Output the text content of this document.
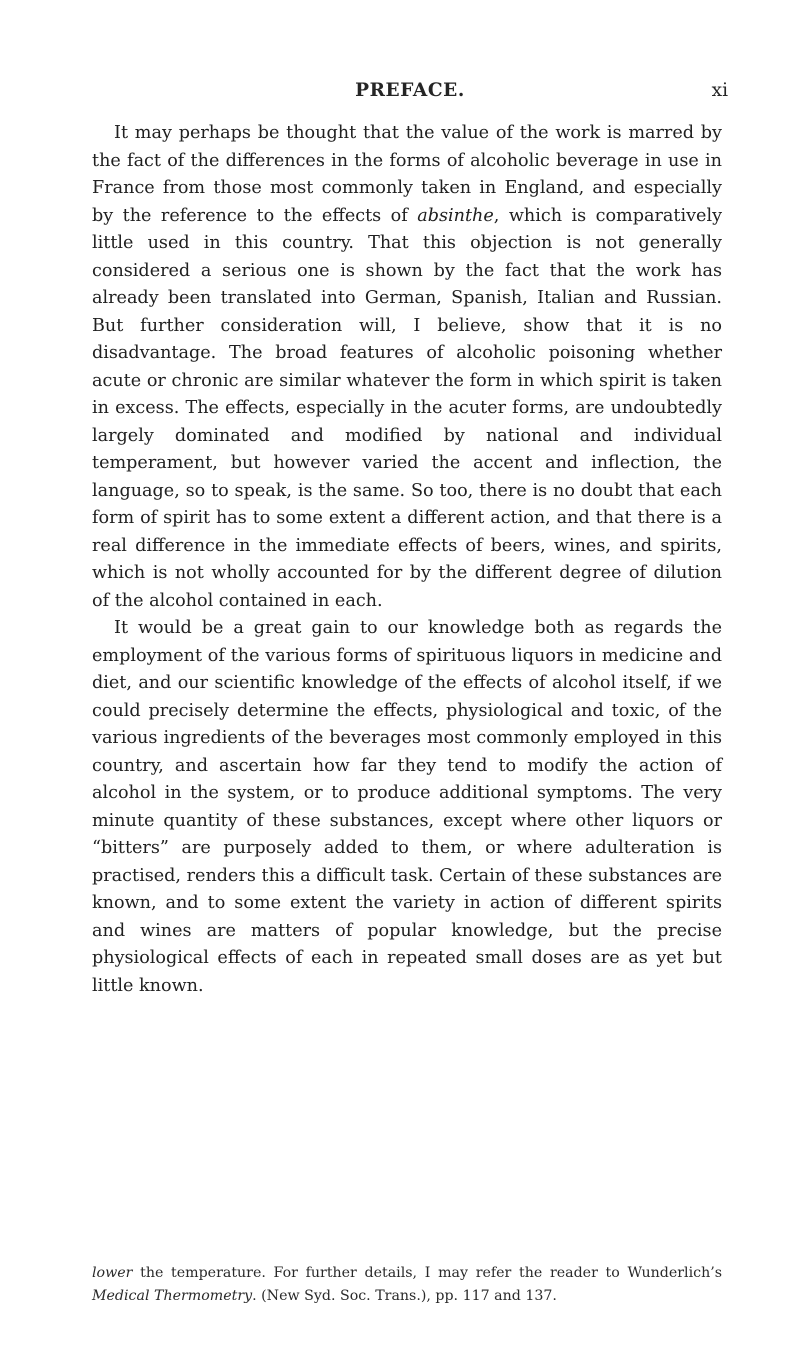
PREFACE.	xi

It may perhaps be thought that the value of the work is marred by the fact of the differences in the forms of alcoholic beverage in use in France from those most commonly taken in England, and especially by the reference to the effects of absinthe, which is comparatively little used in this country. That this objection is not generally considered a serious one is shown by the fact that the work has already been translated into German, Spanish, Italian and Russian. But further consideration will, I believe, show that it is no disadvantage. The broad features of alcoholic poisoning whether acute or chronic are similar whatever the form in which spirit is taken in excess. The effects, especially in the acuter forms, are undoubtedly largely dominated and modified by national and individual temperament, but however varied the accent and inflection, the language, so to speak, is the same. So too, there is no doubt that each form of spirit has to some extent a different action, and that there is a real difference in the immediate effects of beers, wines, and spirits, which is not wholly accounted for by the different degree of dilution of the alcohol contained in each.

It would be a great gain to our knowledge both as regards the employment of the various forms of spirituous liquors in medicine and diet, and our scientific knowledge of the effects of alcohol itself, if we could precisely determine the effects, physiological and toxic, of the various ingredients of the beverages most commonly employed in this country, and ascertain how far they tend to modify the action of alcohol in the system, or to produce additional symptoms. The very minute quantity of these substances, except where other liquors or “bitters” are purposely added to them, or where adulteration is practised, renders this a difficult task. Certain of these substances are known, and to some extent the variety in action of different spirits and wines are matters of popular knowledge, but the precise physiological effects of each in repeated small doses are as yet but little known.

lower the temperature. For further details, I may refer the reader to Wunderlich’s Medical Thermometry. (New Syd. Soc. Trans.), pp. 117 and 137.
